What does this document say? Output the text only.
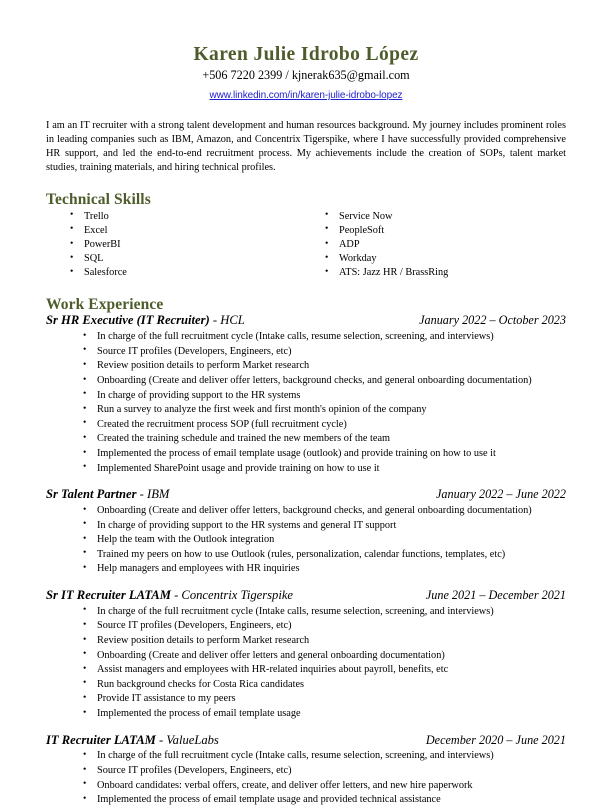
Karen Julie Idrobo López
+506 7220 2399 / kjnerak635@gmail.com
www.linkedin.com/in/karen-julie-idrobo-lopez

I am an IT recruiter with a strong talent development and human resources background. My journey includes prominent roles in leading companies such as IBM, Amazon, and Concentrix Tigerspike, where I have successfully provided comprehensive HR support, and led the end-to-end recruitment process. My achievements include the creation of SOPs, talent market studies, training materials, and hiring technical profiles.

Technical Skills
• Trello
• Excel
• PowerBI
• SQL
• Salesforce
• Service Now
• PeopleSoft
• ADP
• Workday
• ATS: Jazz HR / BrassRing
Work Experience
Sr HR Executive (IT Recruiter) - HCL	January 2022 – October 2023
• In charge of the full recruitment cycle (Intake calls, resume selection, screening, and interviews)
• Source IT profiles (Developers, Engineers, etc)
• Review position details to perform Market research
• Onboarding (Create and deliver offer letters, background checks, and general onboarding documentation)
• In charge of providing support to the HR systems
• Run a survey to analyze the first week and first month's opinion of the company
• Created the recruitment process SOP (full recruitment cycle)
• Created the training schedule and trained the new members of the team
• Implemented the process of email template usage (outlook) and provide training on how to use it
• Implemented SharePoint usage and provide training on how to use it
Sr Talent Partner - IBM	January 2022 – June 2022
• Onboarding (Create and deliver offer letters, background checks, and general onboarding documentation)
• In charge of providing support to the HR systems and general IT support
• Help the team with the Outlook integration
• Trained my peers on how to use Outlook (rules, personalization, calendar functions, templates, etc)
• Help managers and employees with HR inquiries
Sr IT Recruiter LATAM - Concentrix Tigerspike	June 2021 – December 2021
• In charge of the full recruitment cycle (Intake calls, resume selection, screening, and interviews)
• Source IT profiles (Developers, Engineers, etc)
• Review position details to perform Market research
• Onboarding (Create and deliver offer letters and general onboarding documentation)
• Assist managers and employees with HR-related inquiries about payroll, benefits, etc
• Run background checks for Costa Rica candidates
• Provide IT assistance to my peers
• Implemented the process of email template usage
IT Recruiter LATAM - ValueLabs	December 2020 – June 2021
• In charge of the full recruitment cycle (Intake calls, resume selection, screening, and interviews)
• Source IT profiles (Developers, Engineers, etc)
• Onboard candidates: verbal offers, create, and deliver offer letters, and new hire paperwork
• Implemented the process of email template usage and provided technical assistance
